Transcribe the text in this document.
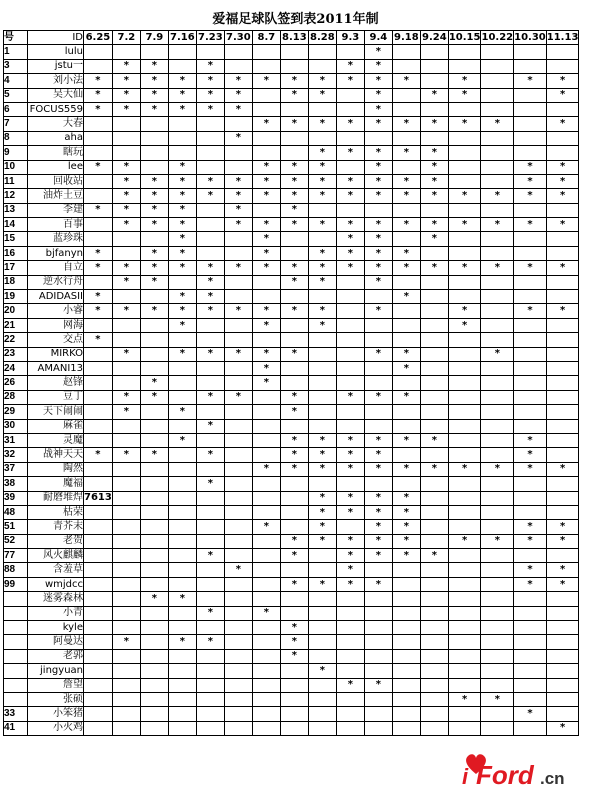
爱福足球队签到表2011年制
号	ID	6.25	7.2	7.9	7.16	7.23	7.30	8.7	8.13	8.28	9.3	9.4	9.18	9.24	10.15	10.22	10.30	11.13
1	lulu											*						
3	jstu一		*	*		*					*	*						
4	刘小法	*	*	*	*	*	*	*	*	*	*	*	*		*		*	*
5	吴大仙	*	*	*	*	*	*		*	*		*		*	*			*
6	FOCUS559	*	*	*	*	*	*					*						
7	大春							*	*	*	*	*	*	*	*	*		*
8	aha						*											
9	瞎玩									*	*	*	*	*				
10	lee	*	*		*			*	*	*		*		*			*	*
11	回收站		*	*	*	*	*	*	*	*	*	*	*	*			*	*
12	油炸土豆		*	*	*	*	*	*	*	*	*	*	*	*	*	*	*	*
13	李建	*	*	*	*		*		*									
14	百事		*	*	*		*	*	*	*	*	*	*	*	*	*	*	*
15	蓝珍珠				*			*			*	*		*				
16	bjfanyn	*		*	*			*		*	*	*	*					
17	自立	*	*	*	*	*	*	*	*	*	*	*	*	*	*	*	*	*
18	逆水行舟		*	*		*			*	*		*						
19	ADIDASII	*			*	*							*					
20	小睿	*	*	*	*	*	*	*	*	*		*			*		*	*
21	网海				*			*		*					*			
22	交点	*																
23	MIRKO		*		*	*	*	*	*			*	*			*		
24	AMANI13							*					*					
26	赵锋			*				*										
28	豆丁		*	*		*	*		*		*	*	*					
29	天下闹闹		*		*				*									
30	麻雀					*												
31	灵魔				*				*	*	*	*	*	*			*	
32	战神天天	*	*	*		*			*	*	*	*					*	
37	陶然							*	*	*	*	*	*	*	*	*	*	*
38	魔福					*												
39	耐磨堆焊	7613								*	*	*	*					
48	枯荣									*	*	*	*					
51	青芥末							*		*		*	*				*	*
52	老贺								*	*	*	*	*		*	*	*	*
77	风火麒麟					*			*		*	*	*	*				
88	含羞草						*				*						*	*
99	wmjdcc								*	*	*	*					*	*
	迷雾森林			*	*													
	小青					*		*										
	kyle								*									
	阿曼达		*		*	*			*									
	老郭								*									
	jingyuan									*								
	詹望										*	*						
	张硕														*	*		
33	小笨猪																*	
41	小火鸡																	*
i Ford .cn
